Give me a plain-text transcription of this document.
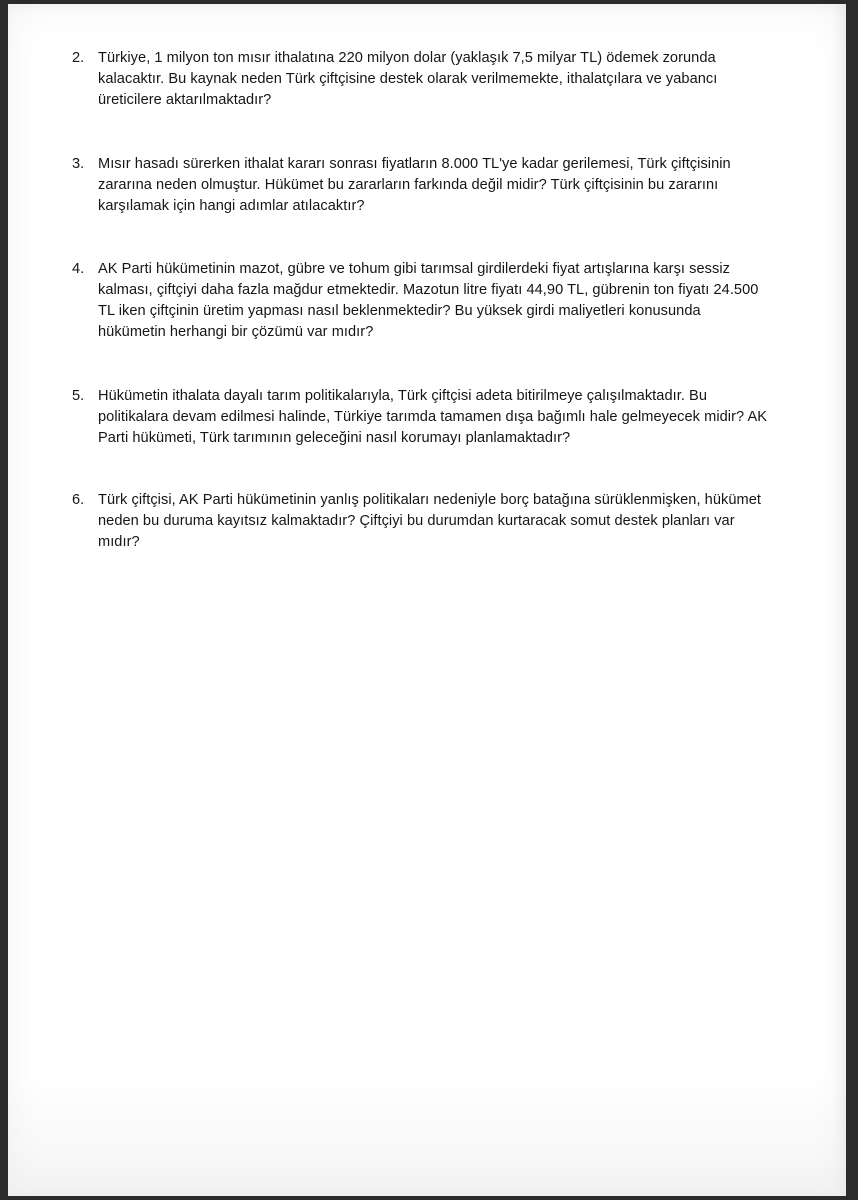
2. Türkiye, 1 milyon ton mısır ithalatına 220 milyon dolar (yaklaşık 7,5 milyar TL) ödemek zorunda
kalacaktır. Bu kaynak neden Türk çiftçisine destek olarak verilmemekte, ithalatçılara ve yabancı
üreticilere aktarılmaktadır?
3. Mısır hasadı sürerken ithalat kararı sonrası fiyatların 8.000 TL'ye kadar gerilemesi, Türk çiftçisinin
zararına neden olmuştur. Hükümet bu zararların farkında değil midir? Türk çiftçisinin bu zararını
karşılamak için hangi adımlar atılacaktır?
4. AK Parti hükümetinin mazot, gübre ve tohum gibi tarımsal girdilerdeki fiyat artışlarına karşı sessiz
kalması, çiftçiyi daha fazla mağdur etmektedir. Mazotun litre fiyatı 44,90 TL, gübrenin ton fiyatı 24.500
TL iken çiftçinin üretim yapması nasıl beklenmektedir? Bu yüksek girdi maliyetleri konusunda
hükümetin herhangi bir çözümü var mıdır?
5. Hükümetin ithalata dayalı tarım politikalarıyla, Türk çiftçisi adeta bitirilmeye çalışılmaktadır. Bu
politikalara devam edilmesi halinde, Türkiye tarımda tamamen dışa bağımlı hale gelmeyecek midir? AK
Parti hükümeti, Türk tarımının geleceğini nasıl korumayı planlamaktadır?
6. Türk çiftçisi, AK Parti hükümetinin yanlış politikaları nedeniyle borç batağına sürüklenmişken, hükümet
neden bu duruma kayıtsız kalmaktadır? Çiftçiyi bu durumdan kurtaracak somut destek planları var
mıdır?
